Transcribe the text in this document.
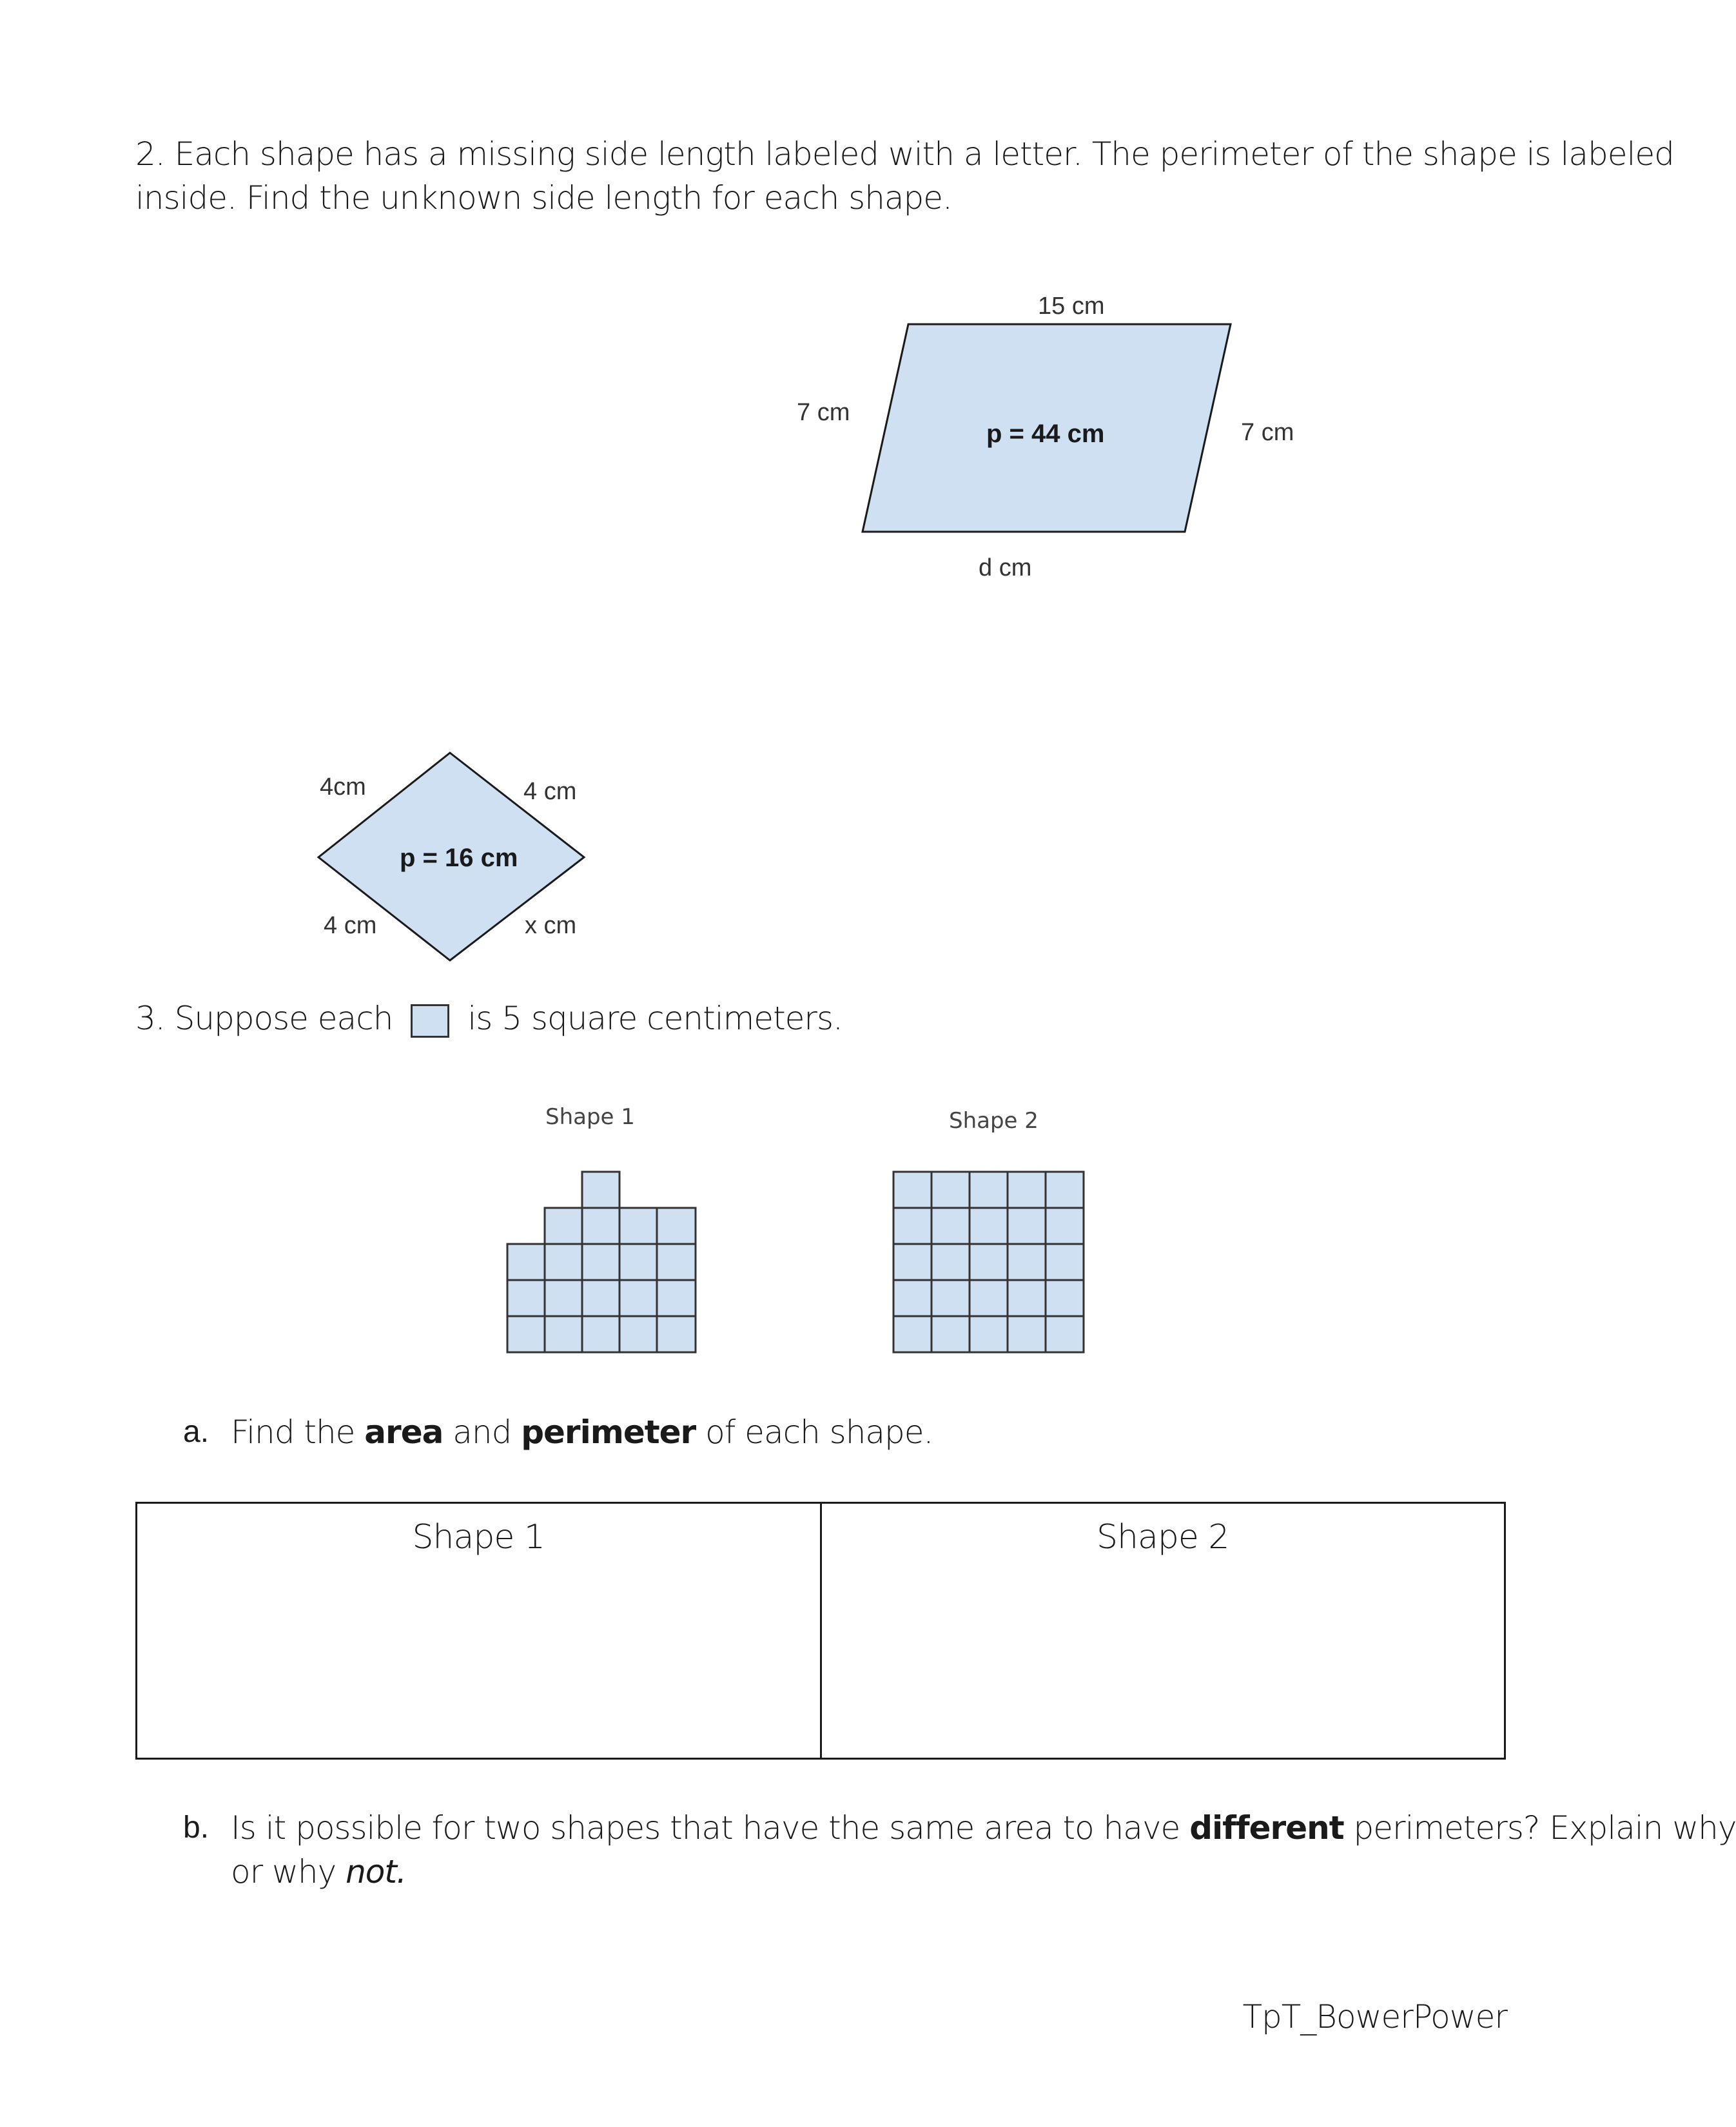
2. Each shape has a missing side length labeled with a letter. The perimeter of the shape is labeled
inside. Find the unknown side length for each shape.
15 cm
7 cm
7 cm
d cm
p = 44 cm
4cm	4 cm
4 cm	x cm
p = 16 cm
Shape 1	Shape 2
3. Suppose each is 5 square centimeters.
a. Find the area and perimeter of each shape.
Shape 1	Shape 2
b. Is it possible for two shapes that have the same area to have different perimeters? Explain why
or why not.
TpT_BowerPower
